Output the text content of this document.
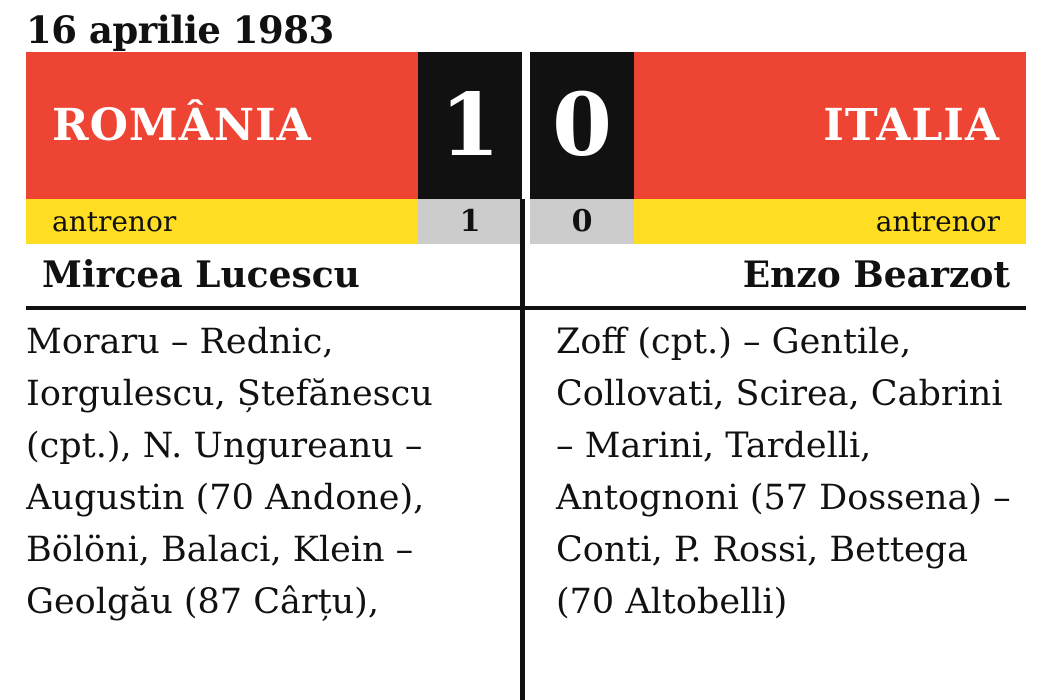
16 aprilie 1983
ROMÂNIA	1 0	ITALIA
antrenor	1	0	antrenor
Mircea Lucescu	Enzo Bearzot
Moraru – Rednic, Iorgulescu, Ștefănescu (cpt.), N. Ungureanu – Augustin (70 Andone), Bölöni, Balaci, Klein – Geolgău (87 Cârțu),
Zoff (cpt.) – Gentile, Collovati, Scirea, Cabrini – Marini, Tardelli, Antognoni (57 Dossena) – Conti, P. Rossi, Bettega (70 Altobelli)
